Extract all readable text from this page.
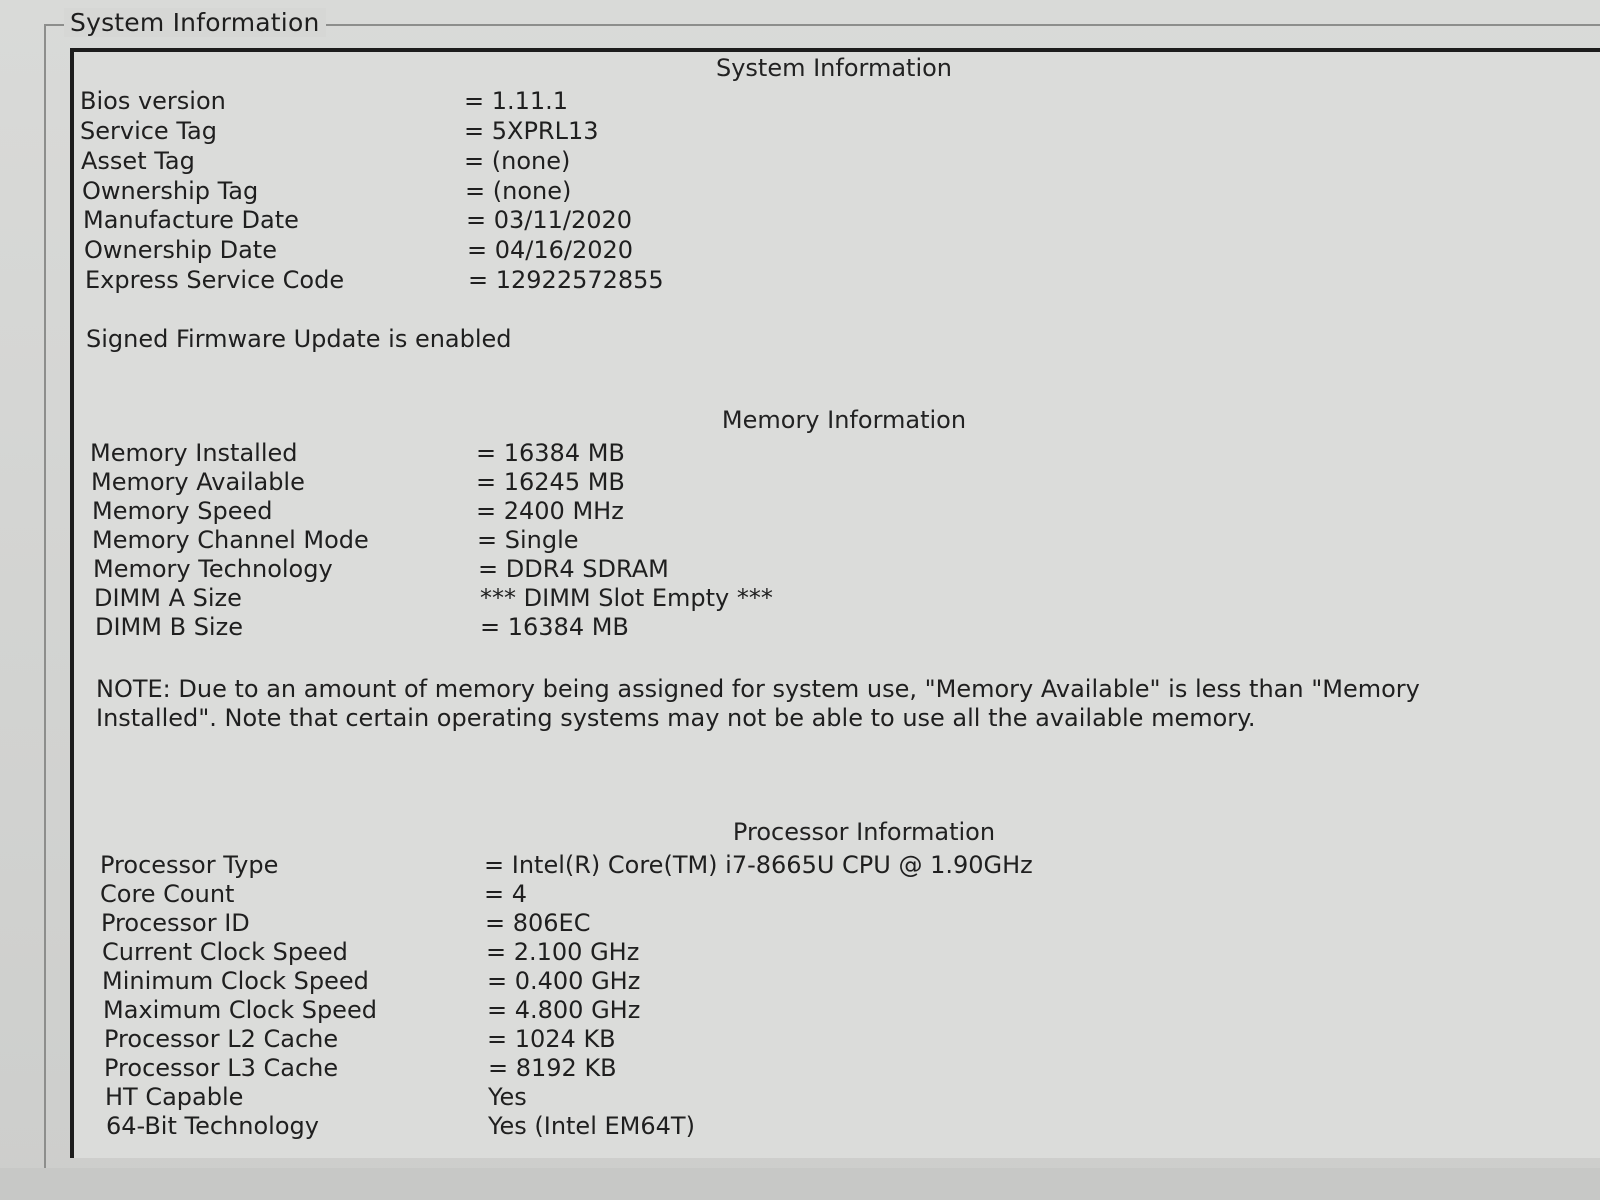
System Information
System Information
Bios version	= 1.11.1
Service Tag	= 5XPRL13
Asset Tag	= (none)
Ownership Tag	= (none)
Manufacture Date	= 03/11/2020
Ownership Date	= 04/16/2020
Express Service Code	= 12922572855
Signed Firmware Update is enabled
Memory Information
Memory Installed	= 16384 MB
Memory Available	= 16245 MB
Memory Speed	= 2400 MHz
Memory Channel Mode	= Single
Memory Technology	= DDR4 SDRAM
DIMM A Size	*** DIMM Slot Empty ***
DIMM B Size	= 16384 MB
NOTE: Due to an amount of memory being assigned for system use, "Memory Available" is less than "Memory Installed". Note that certain operating systems may not be able to use all the available memory.
Processor Information
Processor Type	= Intel(R) Core(TM) i7-8665U CPU @ 1.90GHz
Core Count	= 4
Processor ID	= 806EC
Current Clock Speed	= 2.100 GHz
Minimum Clock Speed	= 0.400 GHz
Maximum Clock Speed	= 4.800 GHz
Processor L2 Cache	= 1024 KB
Processor L3 Cache	= 8192 KB
HT Capable	Yes
64-Bit Technology	Yes (Intel EM64T)
